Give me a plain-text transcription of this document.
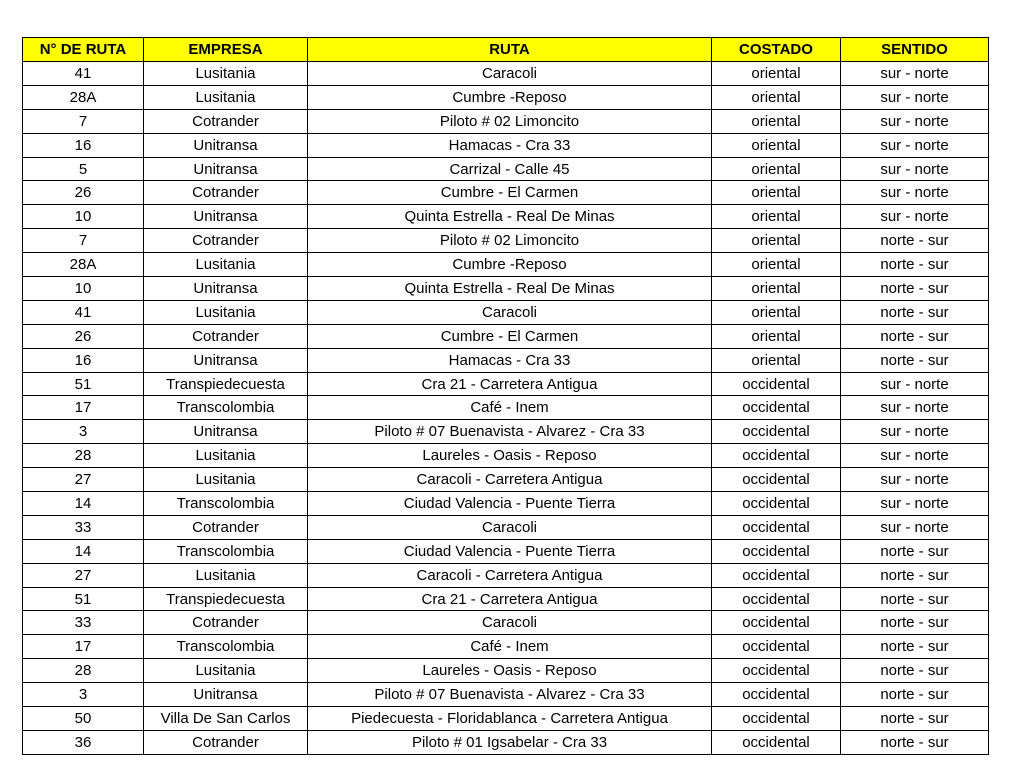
N° DE RUTA	EMPRESA	RUTA	COSTADO	SENTIDO
41	Lusitania	Caracoli	oriental	sur - norte
28A	Lusitania	Cumbre -Reposo	oriental	sur - norte
7	Cotrander	Piloto # 02 Limoncito	oriental	sur - norte
16	Unitransa	Hamacas - Cra 33	oriental	sur - norte
5	Unitransa	Carrizal - Calle 45	oriental	sur - norte
26	Cotrander	Cumbre - El Carmen	oriental	sur - norte
10	Unitransa	Quinta Estrella - Real De Minas	oriental	sur - norte
7	Cotrander	Piloto # 02 Limoncito	oriental	norte - sur
28A	Lusitania	Cumbre -Reposo	oriental	norte - sur
10	Unitransa	Quinta Estrella - Real De Minas	oriental	norte - sur
41	Lusitania	Caracoli	oriental	norte - sur
26	Cotrander	Cumbre - El Carmen	oriental	norte - sur
16	Unitransa	Hamacas - Cra 33	oriental	norte - sur
51	Transpiedecuesta	Cra 21 - Carretera Antigua	occidental	sur - norte
17	Transcolombia	Café - Inem	occidental	sur - norte
3	Unitransa	Piloto # 07 Buenavista - Alvarez - Cra 33	occidental	sur - norte
28	Lusitania	Laureles - Oasis - Reposo	occidental	sur - norte
27	Lusitania	Caracoli - Carretera Antigua	occidental	sur - norte
14	Transcolombia	Ciudad Valencia - Puente Tierra	occidental	sur - norte
33	Cotrander	Caracoli	occidental	sur - norte
14	Transcolombia	Ciudad Valencia - Puente Tierra	occidental	norte - sur
27	Lusitania	Caracoli - Carretera Antigua	occidental	norte - sur
51	Transpiedecuesta	Cra 21 - Carretera Antigua	occidental	norte - sur
33	Cotrander	Caracoli	occidental	norte - sur
17	Transcolombia	Café - Inem	occidental	norte - sur
28	Lusitania	Laureles - Oasis - Reposo	occidental	norte - sur
3	Unitransa	Piloto # 07 Buenavista - Alvarez - Cra 33	occidental	norte - sur
50	Villa De San Carlos	Piedecuesta - Floridablanca - Carretera Antigua	occidental	norte - sur
36	Cotrander	Piloto # 01 Igsabelar - Cra 33	occidental	norte - sur
